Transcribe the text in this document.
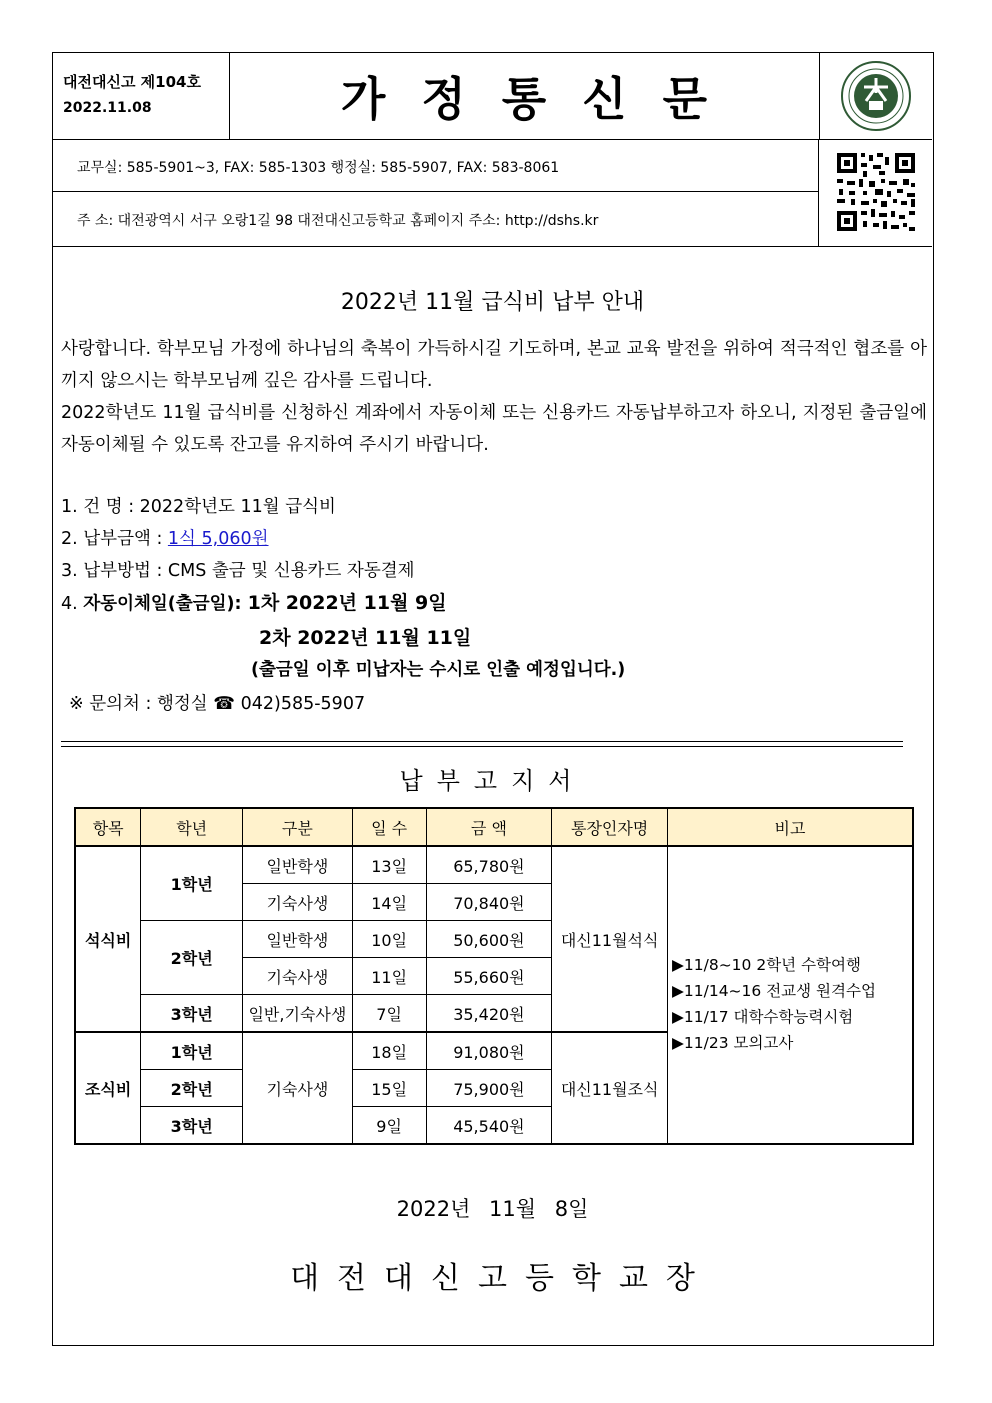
대전대신고 제104호
2022.11.08	가정통신문
교무실: 585-5901~3, FAX: 585-1303 행정실: 585-5907, FAX: 583-8061
주 소: 대전광역시 서구 오랑1길 98 대전대신고등학교 홈페이지 주소: http://dshs.kr
2022년 11월 급식비 납부 안내
사랑합니다. 학부모님 가정에 하나님의 축복이 가득하시길 기도하며, 본교 교육 발전을 위하여 적극적인 협조를 아끼지 않으시는 학부모님께 깊은 감사를 드립니다.
2022학년도 11월 급식비를 신청하신 계좌에서 자동이체 또는 신용카드 자동납부하고자 하오니, 지정된 출금일에 자동이체될 수 있도록 잔고를 유지하여 주시기 바랍니다.
1. 건 명 : 2022학년도 11월 급식비
2. 납부금액 : 1식 5,060원
3. 납부방법 : CMS 출금 및 신용카드 자동결제
4. 자동이체일(출금일): 1차 2022년 11월 9일
2차 2022년 11월 11일
(출금일 이후 미납자는 수시로 인출 예정입니다.)
※ 문의처 : 행정실 ☎ 042)585-5907
납부고지서
항목	학년	구분	일 수	금 액	통장인자명	비고
석식비	1학년	일반학생	13일	65,780원	대신11월석식	▶11/8~10 2학년 수학여행
▶11/14~16 전교생 원격수업
▶11/17 대학수학능력시험
▶11/23 모의고사

		기숙사생	14일	70,840원		
	2학년	일반학생	10일	50,600원		
		기숙사생	11일	55,660원		
	3학년	일반,기숙사생	7일	35,420원		
조식비	1학년	기숙사생	18일	91,080원	대신11월조식	
	2학년		15일	75,900원		
	3학년		9일	45,540원		
2022년 11월 8일
대전대신고등학교장
